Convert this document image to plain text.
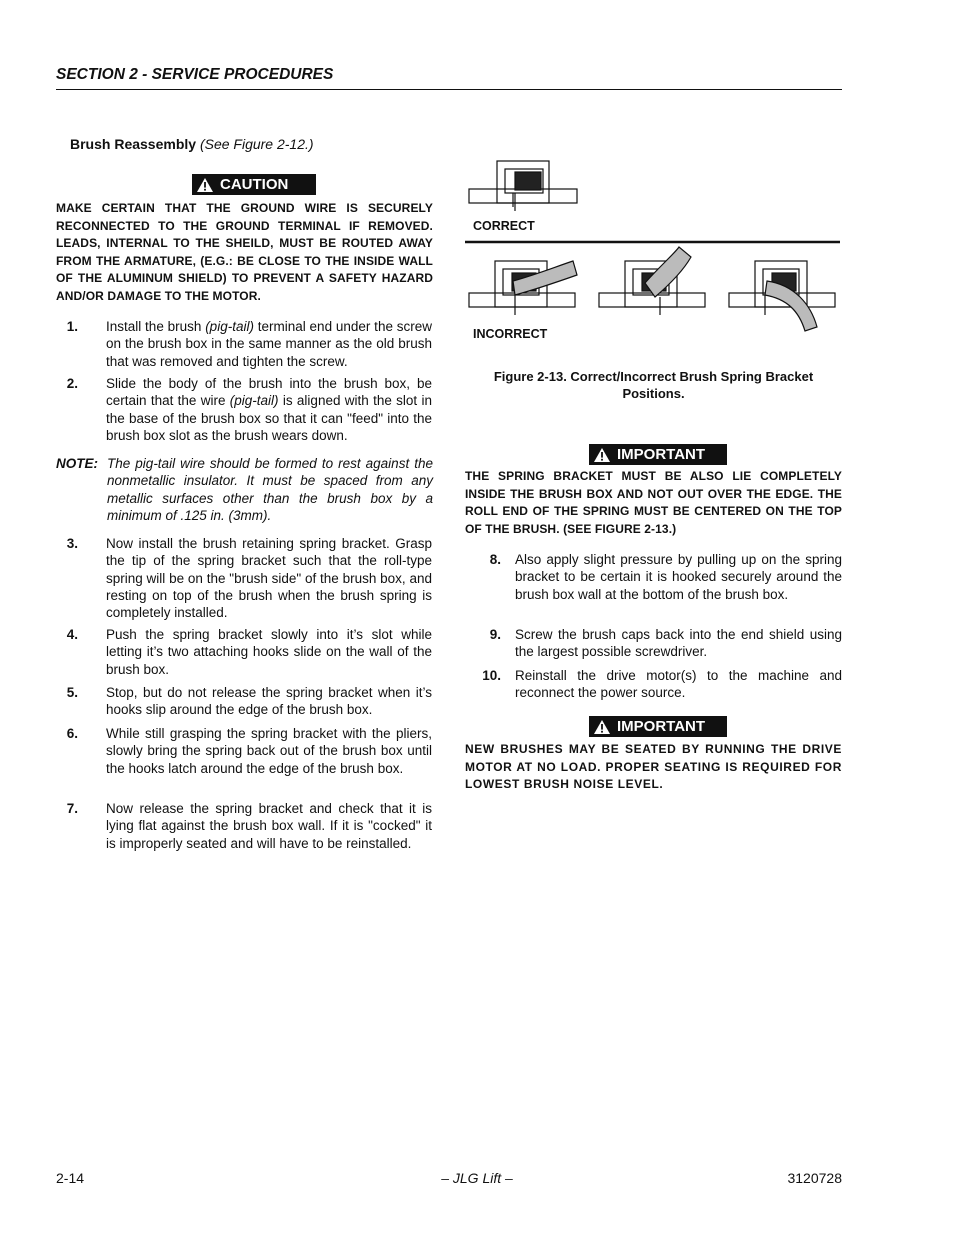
SECTION 2 - SERVICE PROCEDURES
Brush Reassembly (See Figure 2-12.)
CAUTION

MAKE CERTAIN THAT THE GROUND WIRE IS SECURELY RECONNECTED TO THE GROUND TERMINAL IF REMOVED. LEADS, INTERNAL TO THE SHEILD, MUST BE ROUTED AWAY FROM THE ARMATURE, (E.G.: BE CLOSE TO THE INSIDE WALL OF THE ALUMINUM SHIELD) TO PREVENT A SAFETY HAZARD AND/OR DAMAGE TO THE MOTOR.

1. Install the brush (pig-tail) terminal end under the screw on the brush box in the same manner as the old brush that was removed and tighten the screw.
2. Slide the body of the brush into the brush box, be certain that the wire (pig-tail) is aligned with the slot in the base of the brush box so that it can "feed" into the brush box slot as the brush wears down.
NOTE: The pig-tail wire should be formed to rest against the nonmetallic insulator. It must be spaced from any metallic surfaces other than the brush box by a minimum of .125 in. (3mm).
3. Now install the brush retaining spring bracket. Grasp the tip of the spring bracket such that the roll-type spring will be on the "brush side" of the brush box, and resting on top of the brush when the brush spring is completely installed.
4. Push the spring bracket slowly into it’s slot while letting it’s two attaching hooks slide on the wall of the brush box.
5. Stop, but do not release the spring bracket when it’s hooks slip around the edge of the brush box.
6. While still grasping the spring bracket with the pliers, slowly bring the spring back out of the brush box until the hooks latch around the edge of the brush box.
7. Now release the spring bracket and check that it is lying flat against the brush box wall. If it is "cocked" it is improperly seated and will have to be reinstalled.
CORRECT
INCORRECT
Figure 2-13. Correct/Incorrect Brush Spring Bracket
Positions.
IMPORTANT

THE SPRING BRACKET MUST BE ALSO LIE COMPLETELY INSIDE THE BRUSH BOX AND NOT OUT OVER THE EDGE. THE ROLL END OF THE SPRING MUST BE CENTERED ON THE TOP OF THE BRUSH. (SEE FIGURE 2-13.)

8. Also apply slight pressure by pulling up on the spring bracket to be certain it is hooked securely around the brush box wall at the bottom of the brush box.
9. Screw the brush caps back into the end shield using the largest possible screwdriver.
10. Reinstall the drive motor(s) to the machine and reconnect the power source.
IMPORTANT

NEW BRUSHES MAY BE SEATED BY RUNNING THE DRIVE MOTOR AT NO LOAD. PROPER SEATING IS REQUIRED FOR LOWEST BRUSH NOISE LEVEL.

2-14	– JLG Lift –	3120728
